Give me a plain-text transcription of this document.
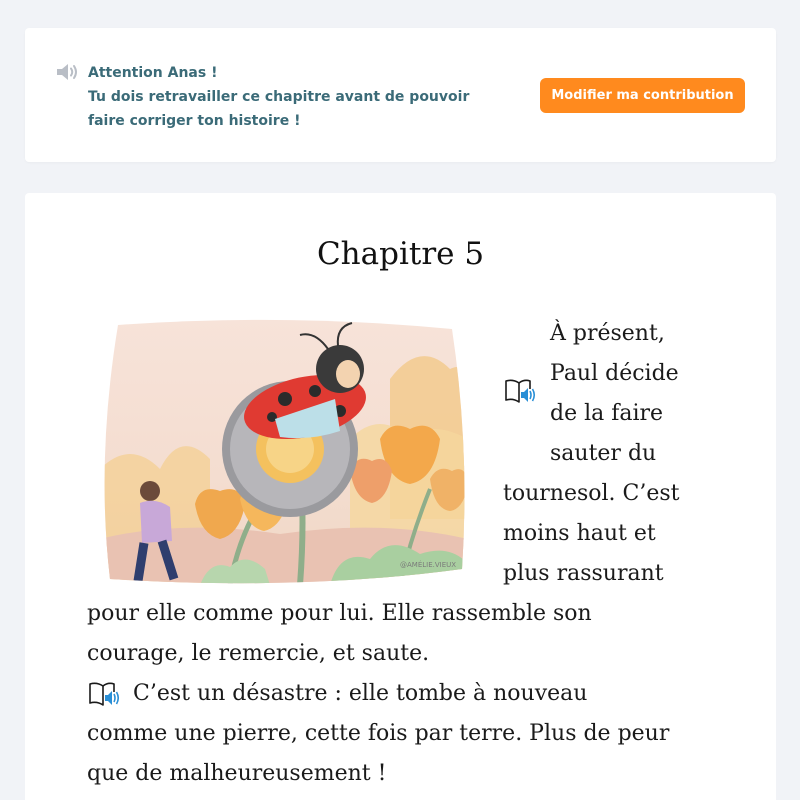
Attention Anas !
Tu dois retravailler ce chapitre avant de pouvoir
faire corriger ton histoire !
Modifier ma contribution
Chapitre 5
@AMÉLIE.VIEUX
À présent,
Paul décide
de la faire
sauter du
tournesol. C’est
moins haut et
plus rassurant
pour elle comme pour lui. Elle rassemble son
courage, le remercie, et saute.
C’est un désastre : elle tombe à nouveau
comme une pierre, cette fois par terre. Plus de peur
que de malheureusement !
